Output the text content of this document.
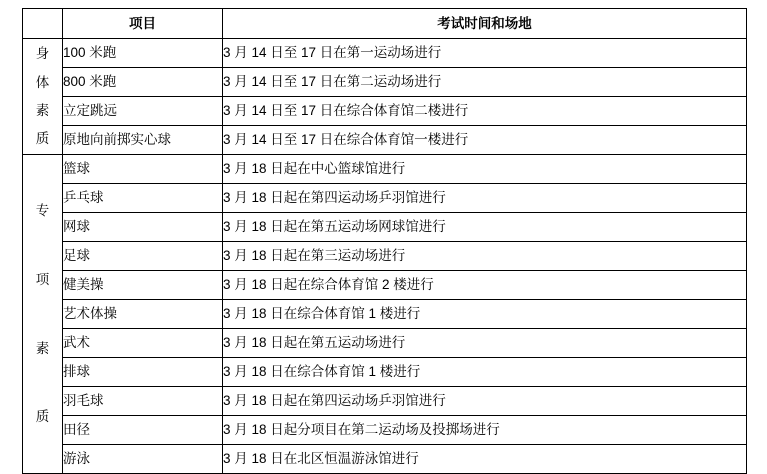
	项目	考试时间和场地

身
体
素
质	100 米跑	3 月 14 日至 17 日在第一运动场进行
	800 米跑	3 月 14 日至 17 日在第二运动场进行
	立定跳远	3 月 14 日至 17 日在综合体育馆二楼进行
	原地向前掷实心球	3 月 14 日至 17 日在综合体育馆一楼进行

专
项
素
质	篮球	3 月 18 日起在中心篮球馆进行
	乒乓球	3 月 18 日起在第四运动场乒羽馆进行
	网球	3 月 18 日起在第五运动场网球馆进行
	足球	3 月 18 日起在第三运动场进行
	健美操	3 月 18 日起在综合体育馆 2 楼进行
	艺术体操	3 月 18 日在综合体育馆 1 楼进行
	武术	3 月 18 日起在第五运动场进行
	排球	3 月 18 日在综合体育馆 1 楼进行
	羽毛球	3 月 18 日起在第四运动场乒羽馆进行
	田径	3 月 18 日起分项目在第二运动场及投掷场进行
	游泳	3 月 18 日在北区恒温游泳馆进行
